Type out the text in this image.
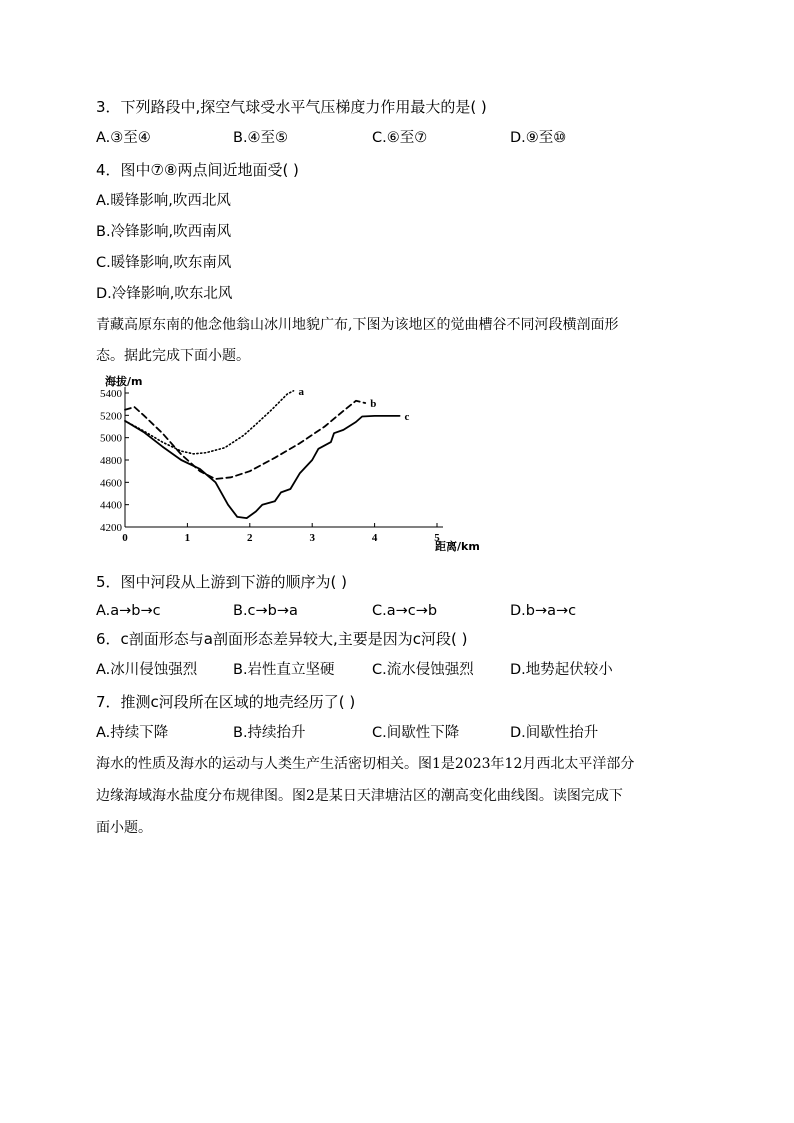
3．下列路段中,探空气球受水平气压梯度力作用最大的是( )
A.③至④	B.④至⑤	C.⑥至⑦	D.⑨至⑩
4．图中⑦⑧两点间近地面受( )
A.暖锋影响,吹西北风
B.冷锋影响,吹西南风
C.暖锋影响,吹东南风
D.冷锋影响,吹东北风
青藏高原东南的他念他翁山冰川地貌广布,下图为该地区的觉曲槽谷不同河段横剖面形
态。据此完成下面小题。
4200
4400
4600
4800
5000
5200
5400
0	1	2	3	4	5
海拔/m
距离/km
a
b
c
5．图中河段从上游到下游的顺序为( )
A.a→b→c	B.c→b→a	C.a→c→b	D.b→a→c
6．c剖面形态与a剖面形态差异较大,主要是因为c河段( )
A.冰川侵蚀强烈 B.岩性直立坚硬	C.流水侵蚀强烈	D.地势起伏较小
7．推测c河段所在区域的地壳经历了( )
A.持续下降	B.持续抬升	C.间歇性下降	D.间歇性抬升
海水的性质及海水的运动与人类生产生活密切相关。图1是2023年12月西北太平洋部分
边缘海域海水盐度分布规律图。图2是某日天津塘沽区的潮高变化曲线图。读图完成下
面小题。
